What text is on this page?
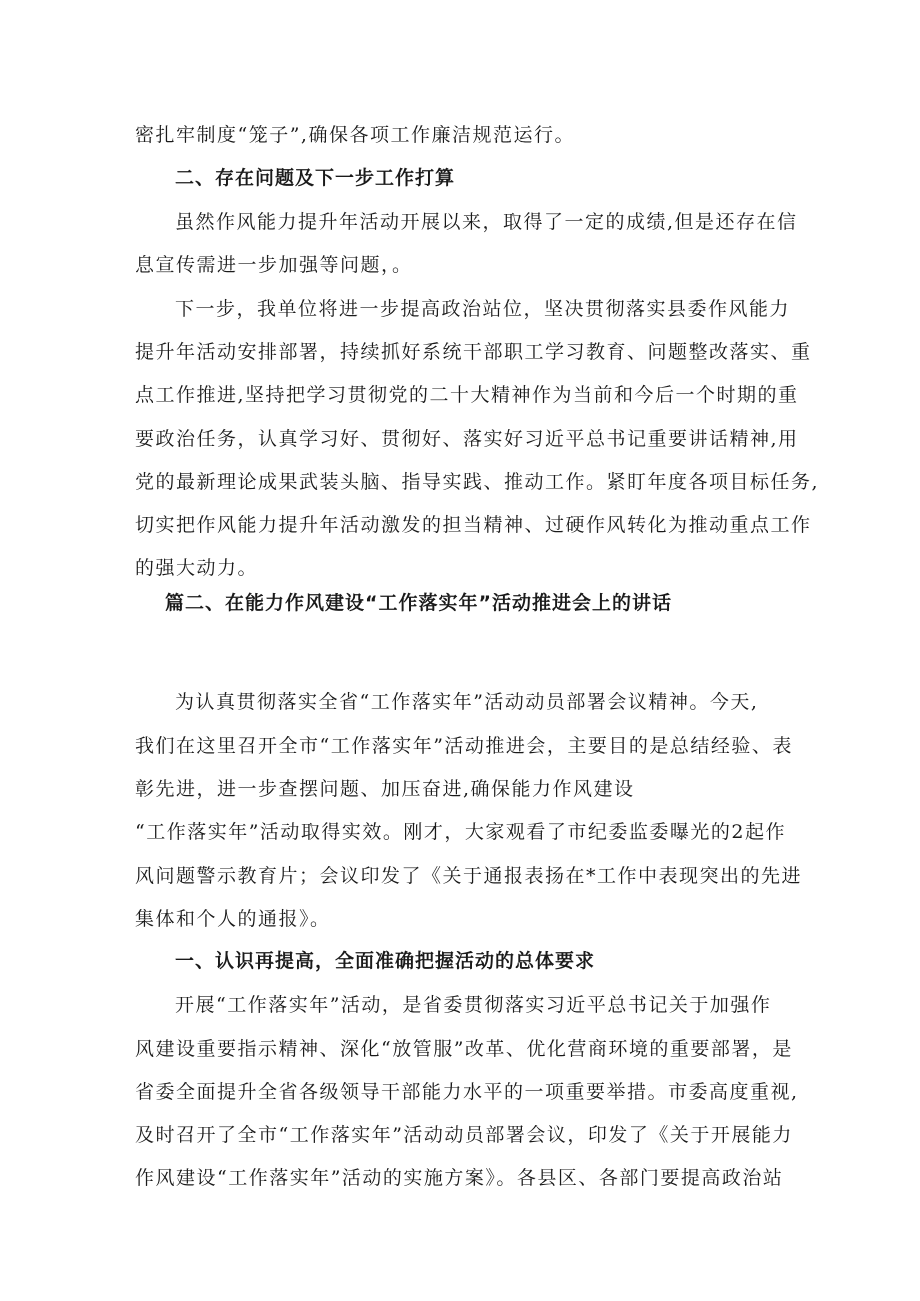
密扎牢制度“笼子”,确保各项工作廉洁规范运行。
二、存在问题及下一步工作打算
虽然作风能力提升年活动开展以来，取得了一定的成绩,但是还存在信
息宣传需进一步加强等问题，。
下一步，我单位将进一步提高政治站位，坚决贯彻落实县委作风能力
提升年活动安排部署，持续抓好系统干部职工学习教育、问题整改落实、重
点工作推进,坚持把学习贯彻党的二十大精神作为当前和今后一个时期的重
要政治任务，认真学习好、贯彻好、落实好习近平总书记重要讲话精神,用
党的最新理论成果武装头脑、指导实践、推动工作。紧盯年度各项目标任务,
切实把作风能力提升年活动激发的担当精神、过硬作风转化为推动重点工作
的强大动力。
篇二、在能力作风建设“工作落实年”活动推进会上的讲话
为认真贯彻落实全省“工作落实年”活动动员部署会议精神。今天,
我们在这里召开全市“工作落实年”活动推进会，主要目的是总结经验、表
彰先进，进一步查摆问题、加压奋进,确保能力作风建设
“工作落实年”活动取得实效。刚才，大家观看了市纪委监委曝光的2起作
风问题警示教育片；会议印发了《关于通报表扬在*工作中表现突出的先进
集体和个人的通报》。
一、认识再提高，全面准确把握活动的总体要求
开展“工作落实年”活动，是省委贯彻落实习近平总书记关于加强作
风建设重要指示精神、深化“放管服”改革、优化营商环境的重要部署，是
省委全面提升全省各级领导干部能力水平的一项重要举措。市委高度重视,
及时召开了全市“工作落实年”活动动员部署会议，印发了《关于开展能力
作风建设“工作落实年”活动的实施方案》。各县区、各部门要提高政治站
